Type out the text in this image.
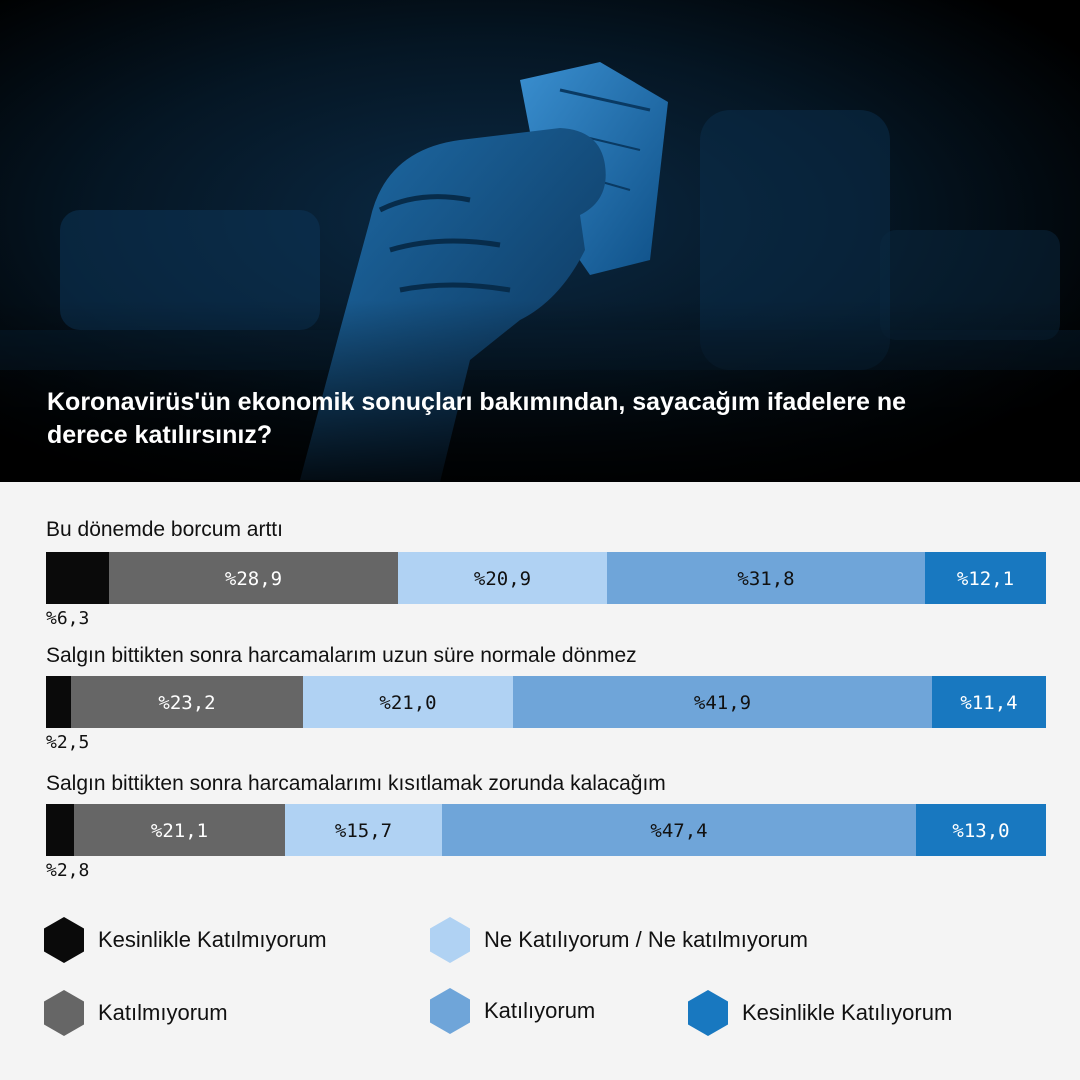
Koronavirüs'ün ekonomik sonuçları bakımından, sayacağım ifadelere ne derece katılırsınız?
Bu dönemde borcum arttı
%28,9	%20,9	%31,8	%12,1
%6,3
Salgın bittikten sonra harcamalarım uzun süre normale dönmez
%23,2	%21,0	%41,9	%11,4
%2,5
Salgın bittikten sonra harcamalarımı kısıtlamak zorunda kalacağım
%21,1	%15,7	%47,4	%13,0
%2,8
Kesinlikle Katılmıyorum	Ne Katılıyorum / Ne katılmıyorum
Katılmıyorum	Katılıyorum	Kesinlikle Katılıyorum
